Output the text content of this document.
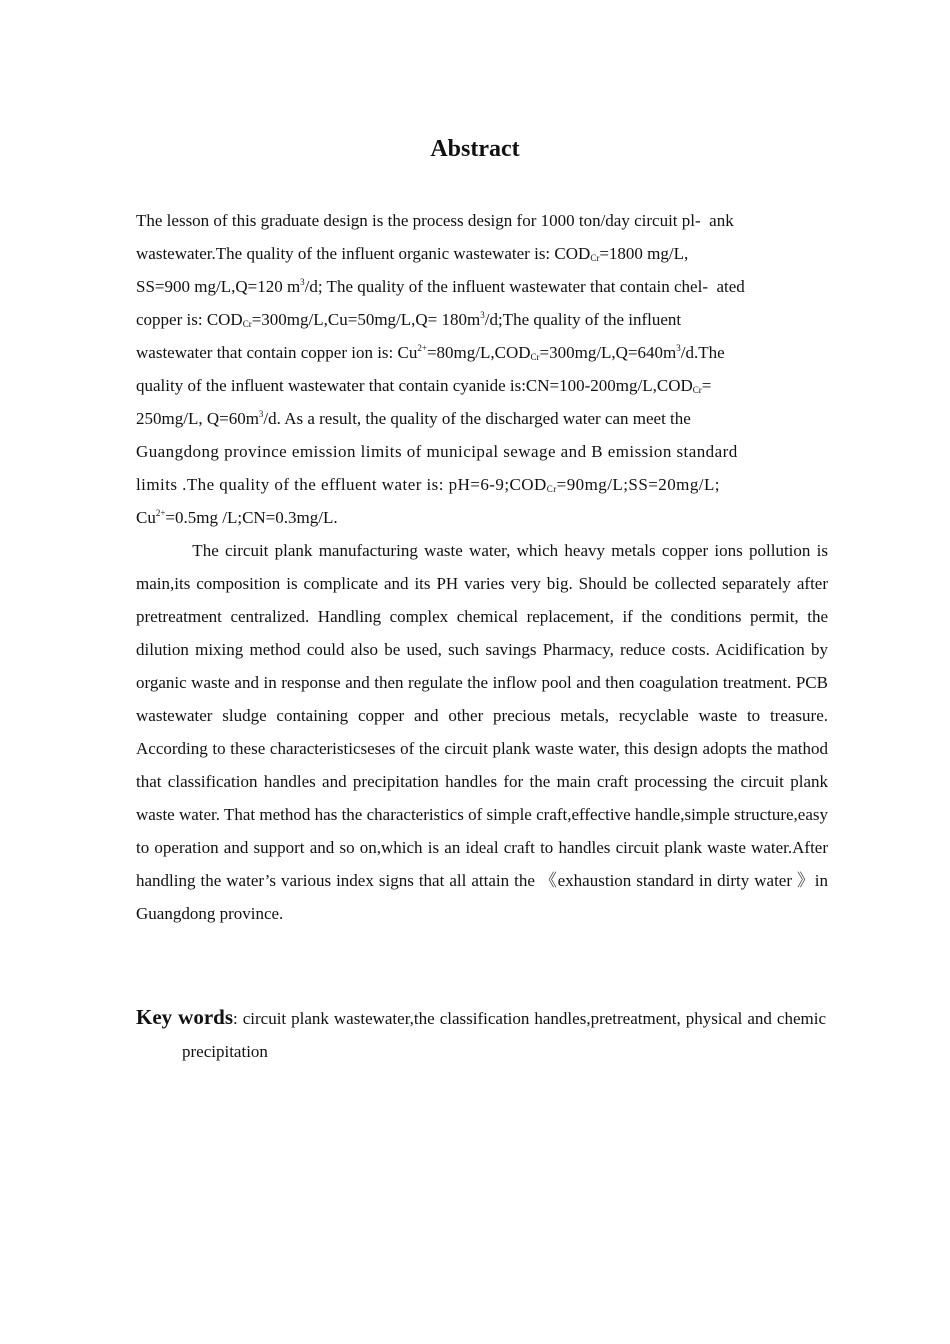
Abstract
The lesson of this graduate design is the process design for 1000 ton/day circuit pl-  ank
wastewater.The quality of the influent organic wastewater is: $COD_{Cr}=1800$ mg/L,
SS=900 mg/L,Q=120 $m^3/d$; The quality of the influent wastewater that contain chel-  ated
copper is: $COD_{Cr}=300mg/L,Cu=50mg/L,Q=$ $180m^3/d;The$ quality of the influent
wastewater that contain copper ion is: $Cu^{2+}=80mg/L,COD_{Cr}=300mg/L,Q=640m^3/d.The$
quality of the influent wastewater that contain cyanide $is:CN=100-200mg/L,COD_{Cr}=$
250mg/L, $Q=60m^3/d$. As a result, the quality of the discharged water can meet the
Guangdong province emission limits of municipal sewage and B emission standard
limits .The quality of the effluent water is: $pH=6-9;COD_{Cr}=90mg/L;SS=20mg/L$;
$Cu^{2+}=0.5mg$ /L;CN=0.3mg/L.

The circuit plank manufacturing waste water, which heavy metals copper ions pollution is main,its composition is complicate and its PH varies very big. Should be collected separately after pretreatment centralized. Handling complex chemical replacement, if the conditions permit, the dilution mixing method could also be used, such savings Pharmacy, reduce costs. Acidification by organic waste and in response and then regulate the inflow pool and then coagulation treatment. PCB wastewater sludge containing copper and other precious metals, recyclable waste to treasure. According to these characteristicseses of the circuit plank waste water, this design adopts the mathod that classification handles and precipitation handles for the main craft processing the circuit plank waste water. That method has the characteristics of simple craft,effective handle,simple structure,easy to operation and support and so on,which is an ideal craft to handles circuit plank waste water.After handling the water’s various index signs that all attain the 《exhaustion standard in dirty water 》in Guangdong province.

Key words: circuit plank wastewater,the classification handles,pretreatment, physical and chemic precipitation
